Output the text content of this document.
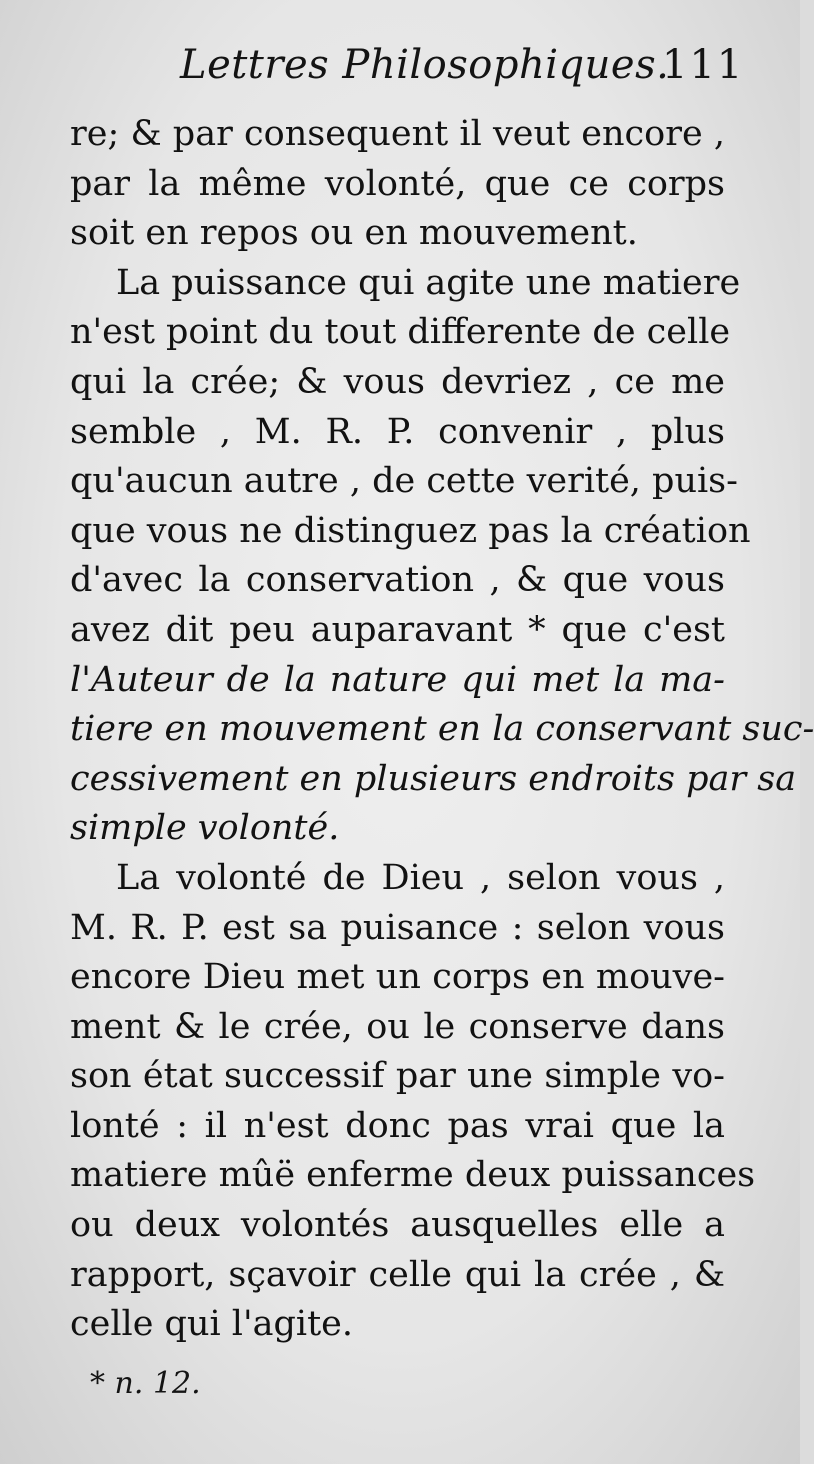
Lettres Philosophiques.
111
re; & par consequent il veut encore ,
par la même volonté, que ce corps
soit en repos ou en mouvement.
La puissance qui agite une matiere
n'est point du tout differente de celle
qui la crée; & vous devriez , ce me
semble , M. R. P. convenir , plus
qu'aucun autre , de cette verité, puis-
que vous ne distinguez pas la création
d'avec la conservation , & que vous
avez dit peu auparavant * que c'est
l'Auteur de la nature qui met la ma-
tiere en mouvement en la conservant suc-
cessivement en plusieurs endroits par sa
simple volonté.
La volonté de Dieu , selon vous ,
M. R. P. est sa puisance : selon vous
encore Dieu met un corps en mouve-
ment & le crée, ou le conserve dans
son état successif par une simple vo-
lonté : il n'est donc pas vrai que la
matiere mûë enferme deux puissances
ou deux volontés ausquelles elle a
rapport, sçavoir celle qui la crée , &
celle qui l'agite.
* n. 12.
